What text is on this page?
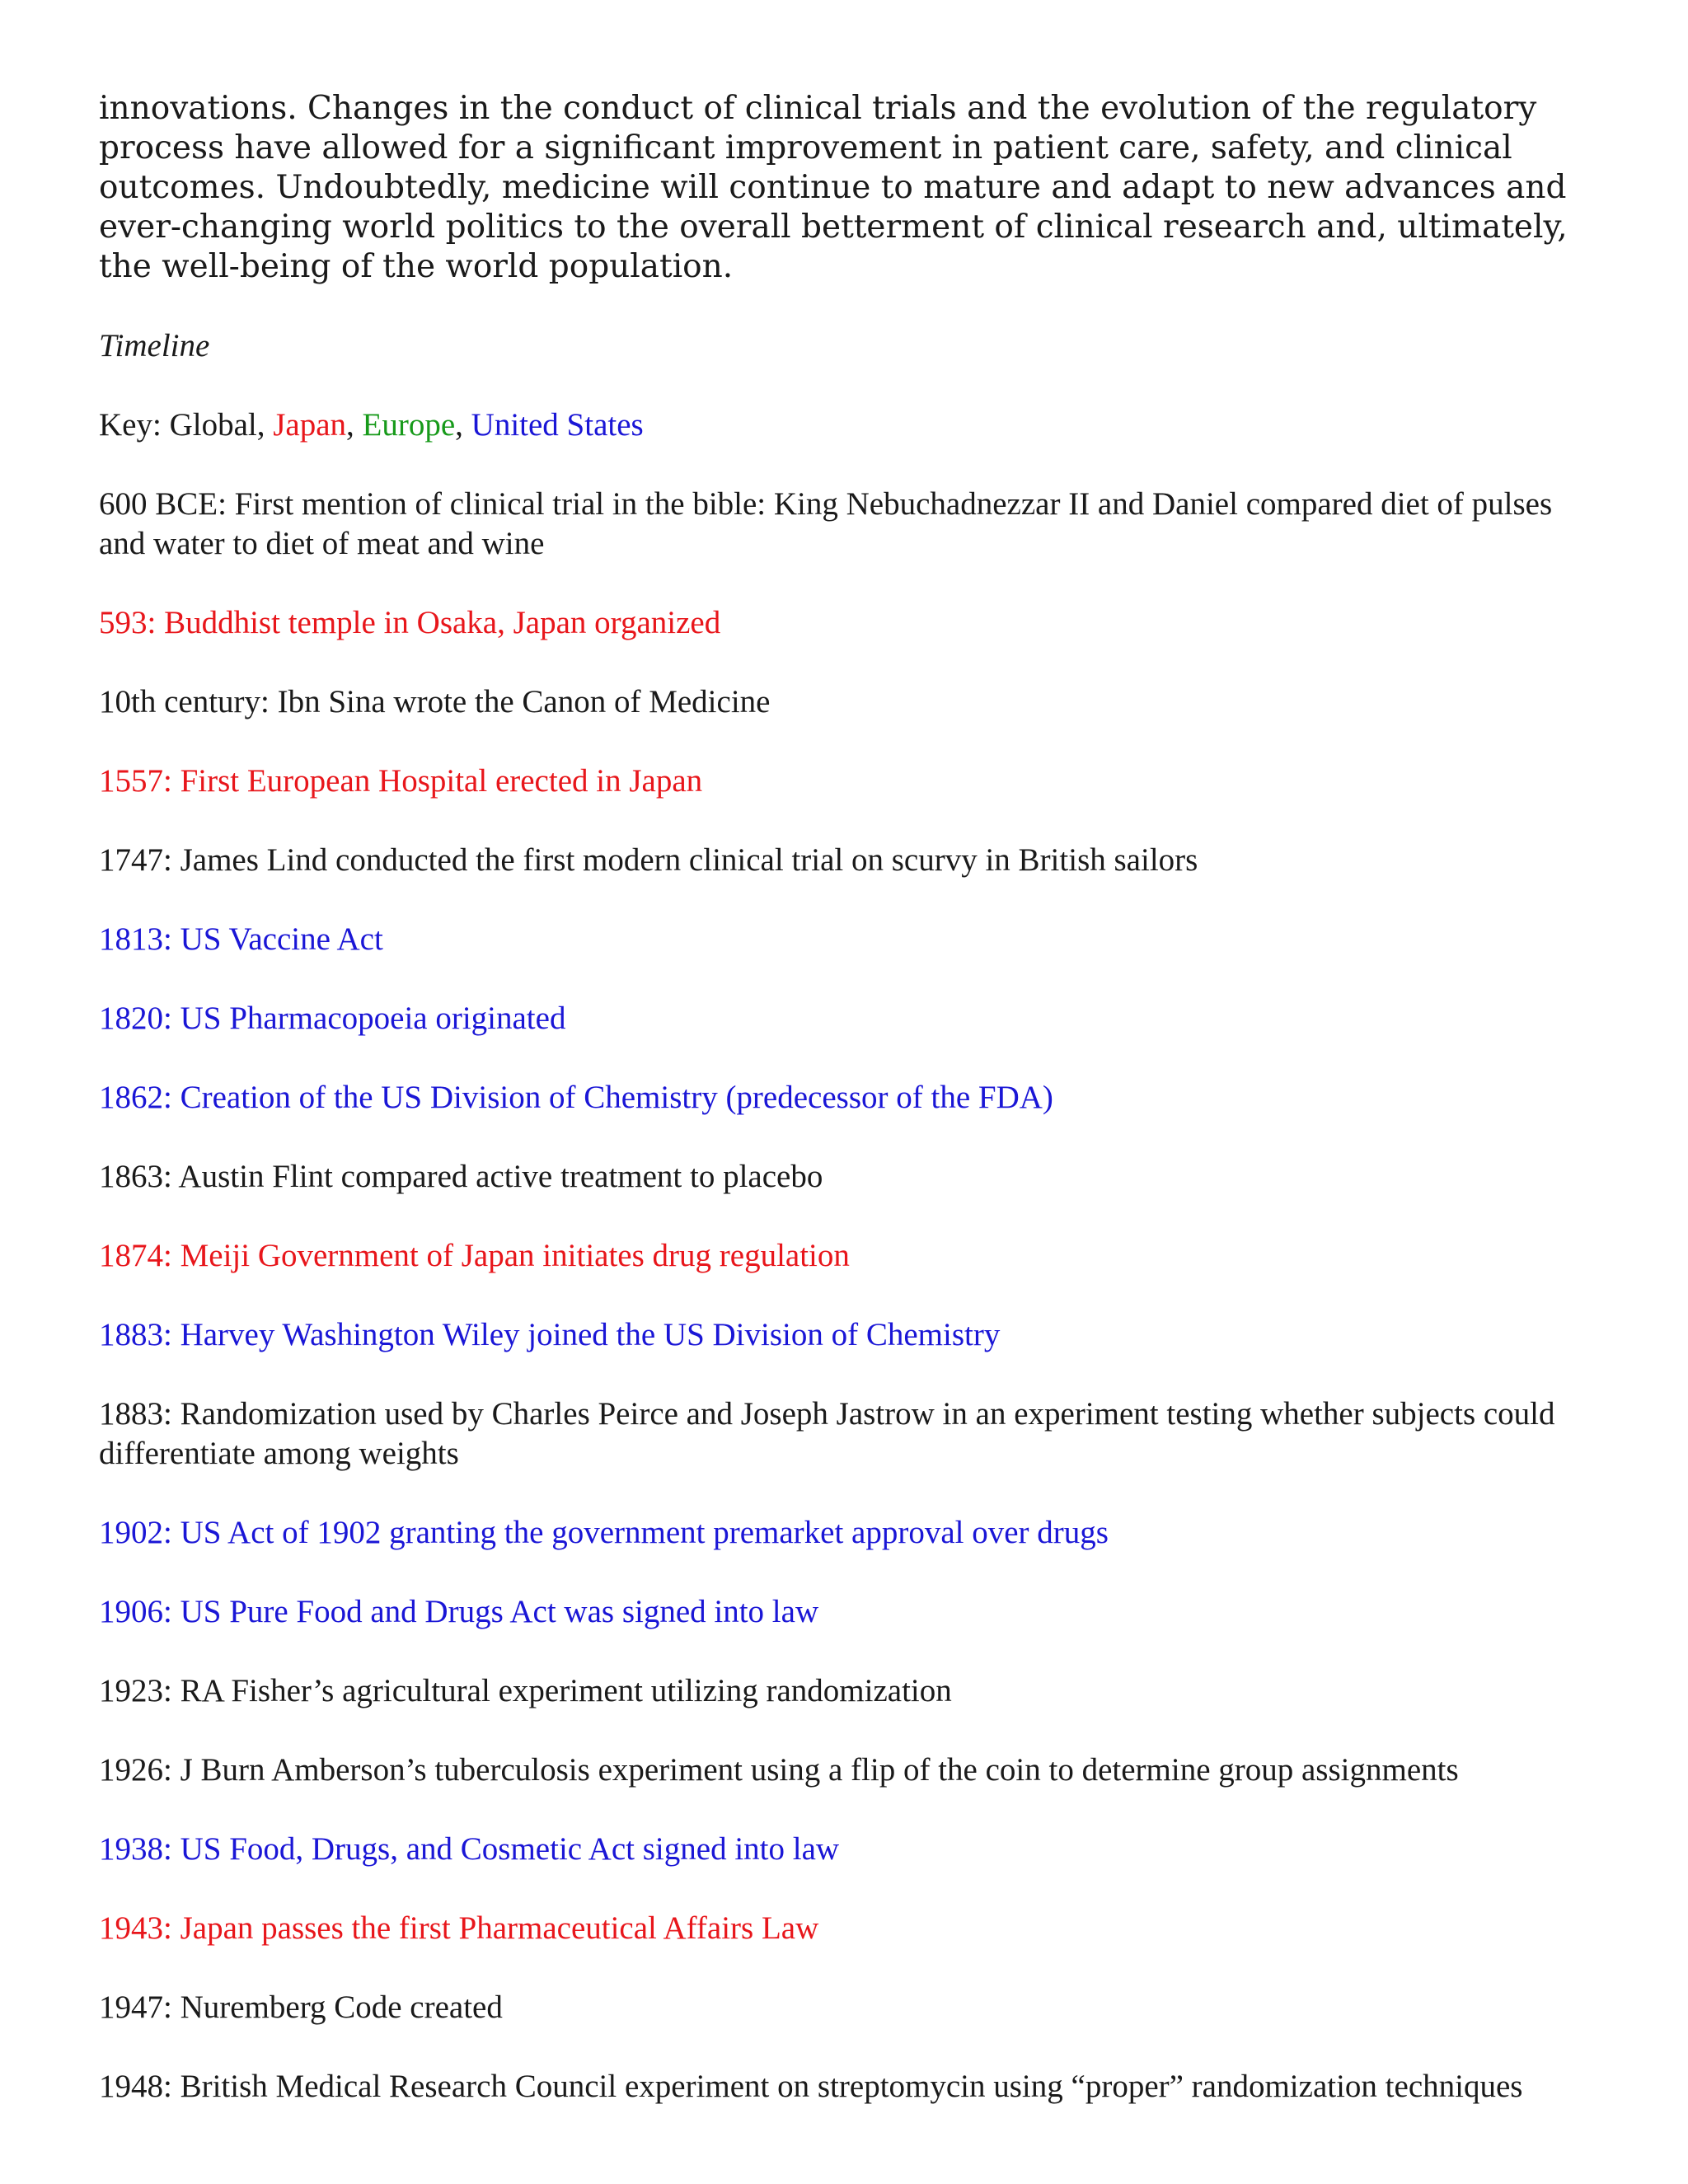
innovations. Changes in the conduct of clinical trials and the evolution of the regulatory process have allowed for a significant improvement in patient care, safety, and clinical outcomes. Undoubtedly, medicine will continue to mature and adapt to new advances and ever-changing world politics to the overall betterment of clinical research and, ultimately, the well-being of the world population.

Timeline

Key: Global, Japan, Europe, United States

600 BCE: First mention of clinical trial in the bible: King Nebuchadnezzar II and Daniel compared diet of pulses and water to diet of meat and wine

593: Buddhist temple in Osaka, Japan organized

10th century: Ibn Sina wrote the Canon of Medicine

1557: First European Hospital erected in Japan

1747: James Lind conducted the first modern clinical trial on scurvy in British sailors

1813: US Vaccine Act

1820: US Pharmacopoeia originated

1862: Creation of the US Division of Chemistry (predecessor of the FDA)

1863: Austin Flint compared active treatment to placebo

1874: Meiji Government of Japan initiates drug regulation

1883: Harvey Washington Wiley joined the US Division of Chemistry

1883: Randomization used by Charles Peirce and Joseph Jastrow in an experiment testing whether subjects could differentiate among weights

1902: US Act of 1902 granting the government premarket approval over drugs

1906: US Pure Food and Drugs Act was signed into law

1923: RA Fisher’s agricultural experiment utilizing randomization

1926: J Burn Amberson’s tuberculosis experiment using a flip of the coin to determine group assignments

1938: US Food, Drugs, and Cosmetic Act signed into law

1943: Japan passes the first Pharmaceutical Affairs Law

1947: Nuremberg Code created

1948: British Medical Research Council experiment on streptomycin using “proper” randomization techniques
